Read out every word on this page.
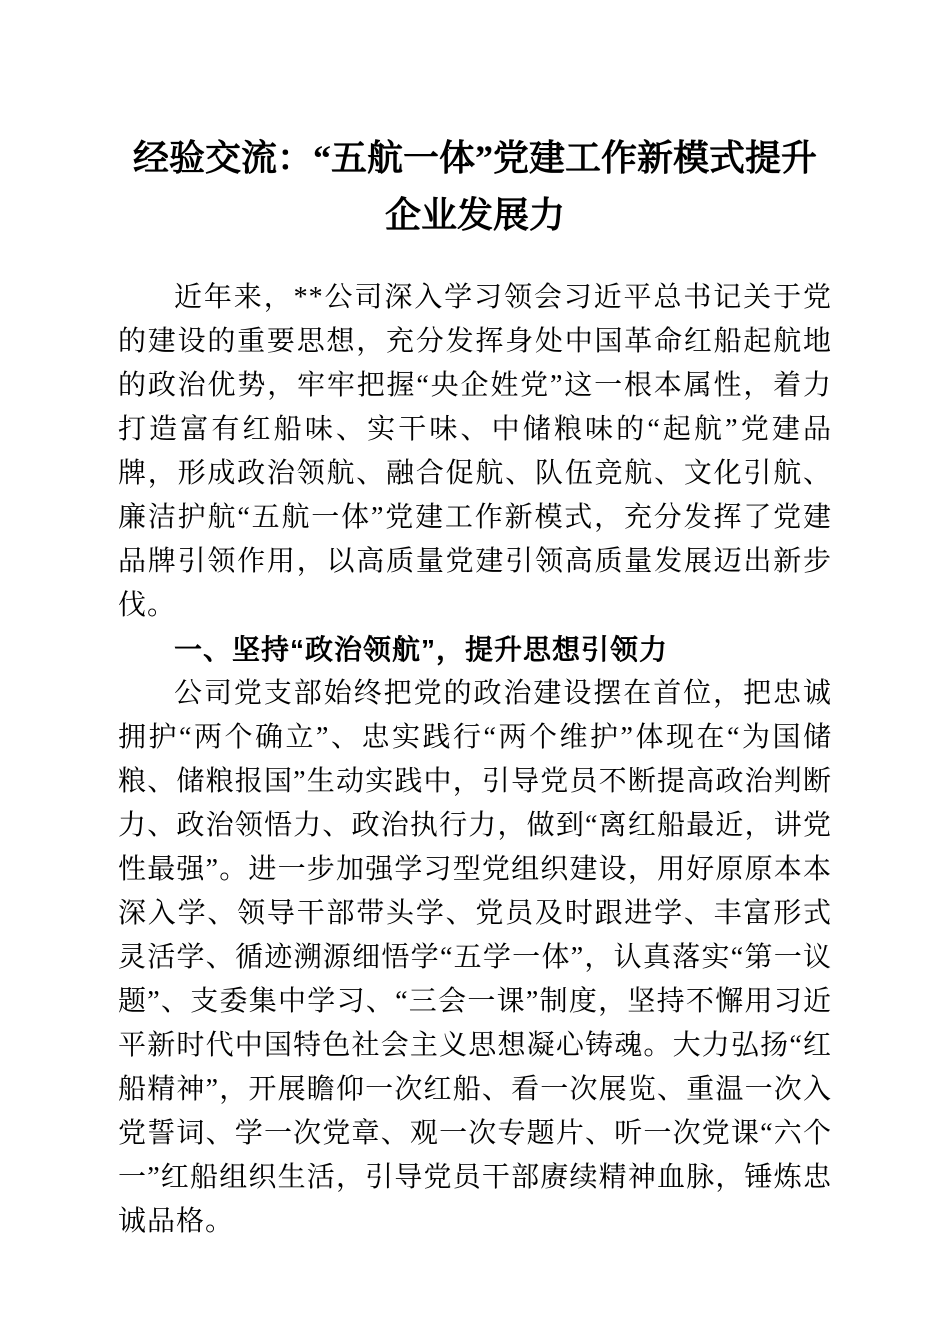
经验交流：“五航一体”党建工作新模式提升
企业发展力

近年来，**公司深入学习领会习近平总书记关于党的建设的重要思想，充分发挥身处中国革命红船起航地的政治优势，牢牢把握“央企姓党”这一根本属性，着力打造富有红船味、实干味、中储粮味的“起航”党建品牌，形成政治领航、融合促航、队伍竞航、文化引航、廉洁护航“五航一体”党建工作新模式，充分发挥了党建品牌引领作用，以高质量党建引领高质量发展迈出新步伐。

一、坚持“政治领航”，提升思想引领力

公司党支部始终把党的政治建设摆在首位，把忠诚拥护“两个确立”、忠实践行“两个维护”体现在“为国储粮、储粮报国”生动实践中，引导党员不断提高政治判断力、政治领悟力、政治执行力，做到“离红船最近，讲党性最强”。进一步加强学习型党组织建设，用好原原本本深入学、领导干部带头学、党员及时跟进学、丰富形式灵活学、循迹溯源细悟学“五学一体”，认真落实“第一议题”、支委集中学习、“三会一课”制度，坚持不懈用习近平新时代中国特色社会主义思想凝心铸魂。大力弘扬“红船精神”，开展瞻仰一次红船、看一次展览、重温一次入党誓词、学一次党章、观一次专题片、听一次党课“六个一”红船组织生活，引导党员干部赓续精神血脉，锤炼忠诚品格。
